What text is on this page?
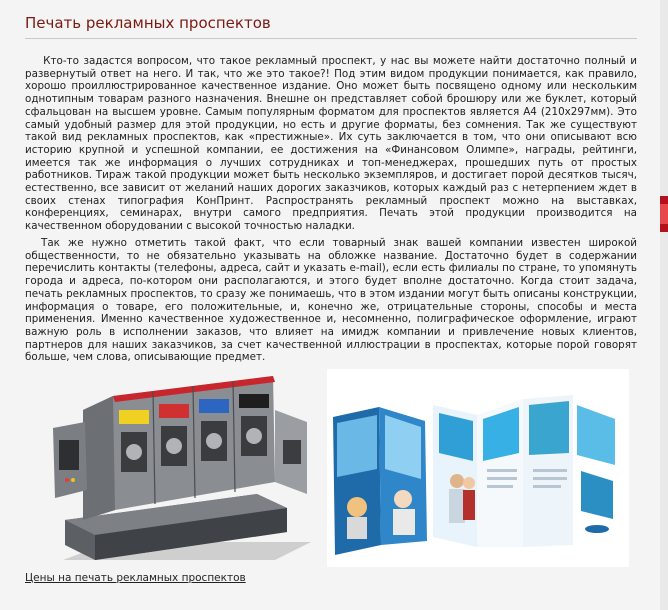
Печать рекламных проспектов

Кто-то задастся вопросом, что такое рекламный проспект, у нас вы можете найти достаточно полный и развернутый ответ на него. И так, что же это такое?! Под этим видом продукции понимается, как правило, хорошо проиллюстрированное качественное издание. Оно может быть посвящено одному или нескольким однотипным товарам разного назначения. Внешне он представляет собой брошюру или же буклет, который сфальцован на высшем уровне. Самым популярным форматом для проспектов является А4 (210х297мм). Это самый удобный размер для этой продукции, но есть и другие форматы, без сомнения. Так же существуют такой вид рекламных проспектов, как «престижные». Их суть заключается в том, что они описывают всю историю крупной и успешной компании, ее достижения на «Финансовом Олимпе», награды, рейтинги, имеется так же информация о лучших сотрудниках и топ-менеджерах, прошедших путь от простых работников. Тираж такой продукции может быть несколько экземпляров, и достигает порой десятков тысяч, естественно, все зависит от желаний наших дорогих заказчиков, которых каждый раз с нетерпением ждет в своих стенах типография КонПринт. Распространять рекламный проспект можно на выставках, конференциях, семинарах, внутри самого предприятия. Печать этой продукции производится на качественном оборудовании с высокой точностью наладки.

Так же нужно отметить такой факт, что если товарный знак вашей компании известен широкой общественности, то не обязательно указывать на обложке название. Достаточно будет в содержании перечислить контакты (телефоны, адреса, сайт и указать e-mail), если есть филиалы по стране, то упомянуть города и адреса, по-котором они располагаются, и этого будет вполне достаточно. Когда стоит задача, печать рекламных проспектов, то сразу же понимаешь, что в этом издании могут быть описаны конструкции, информация о товаре, его положительные, и, конечно же, отрицательные стороны, способы и места применения. Именно качественное художественное и, несомненно, полиграфическое оформление, играют важную роль в исполнении заказов, что влияет на имидж компании и привлечение новых клиентов, партнеров для наших заказчиков, за счет качественной иллюстрации в проспектах, которые порой говорят больше, чем слова, описывающие предмет.

Цены на печать рекламных проспектов
